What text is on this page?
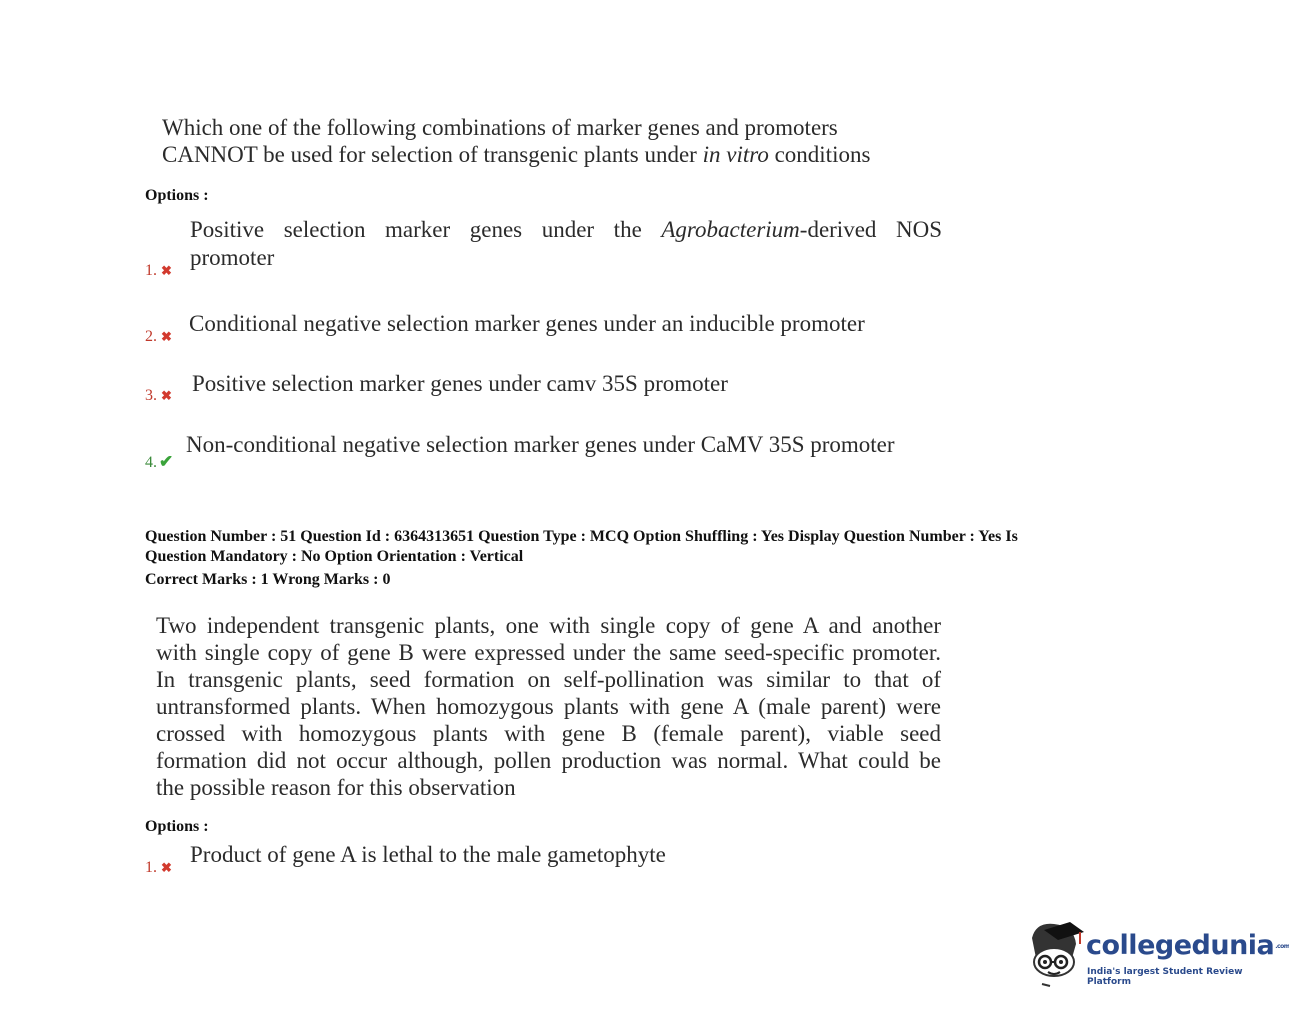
Which one of the following combinations of marker genes and promoters
CANNOT be used for selection of transgenic plants under in vitro conditions
Options :
Positive selection marker genes under the Agrobacterium-derived NOS
promoter
1. ✖
Conditional negative selection marker genes under an inducible promoter
2. ✖
Positive selection marker genes under camv 35S promoter
3. ✖
Non-conditional negative selection marker genes under CaMV 35S promoter
4. ✔
Question Number : 51 Question Id : 6364313651 Question Type : MCQ Option Shuffling : Yes Display Question Number : Yes Is
Question Mandatory : No Option Orientation : Vertical
Correct Marks : 1 Wrong Marks : 0
Two independent transgenic plants, one with single copy of gene A and another
with single copy of gene B were expressed under the same seed-specific promoter.
In transgenic plants, seed formation on self-pollination was similar to that of
untransformed plants. When homozygous plants with gene A (male parent) were
crossed with homozygous plants with gene B (female parent), viable seed
formation did not occur although, pollen production was normal. What could be
the possible reason for this observation
Options :
Product of gene A is lethal to the male gametophyte
1. ✖
collegedunia.com
India's largest Student Review Platform
